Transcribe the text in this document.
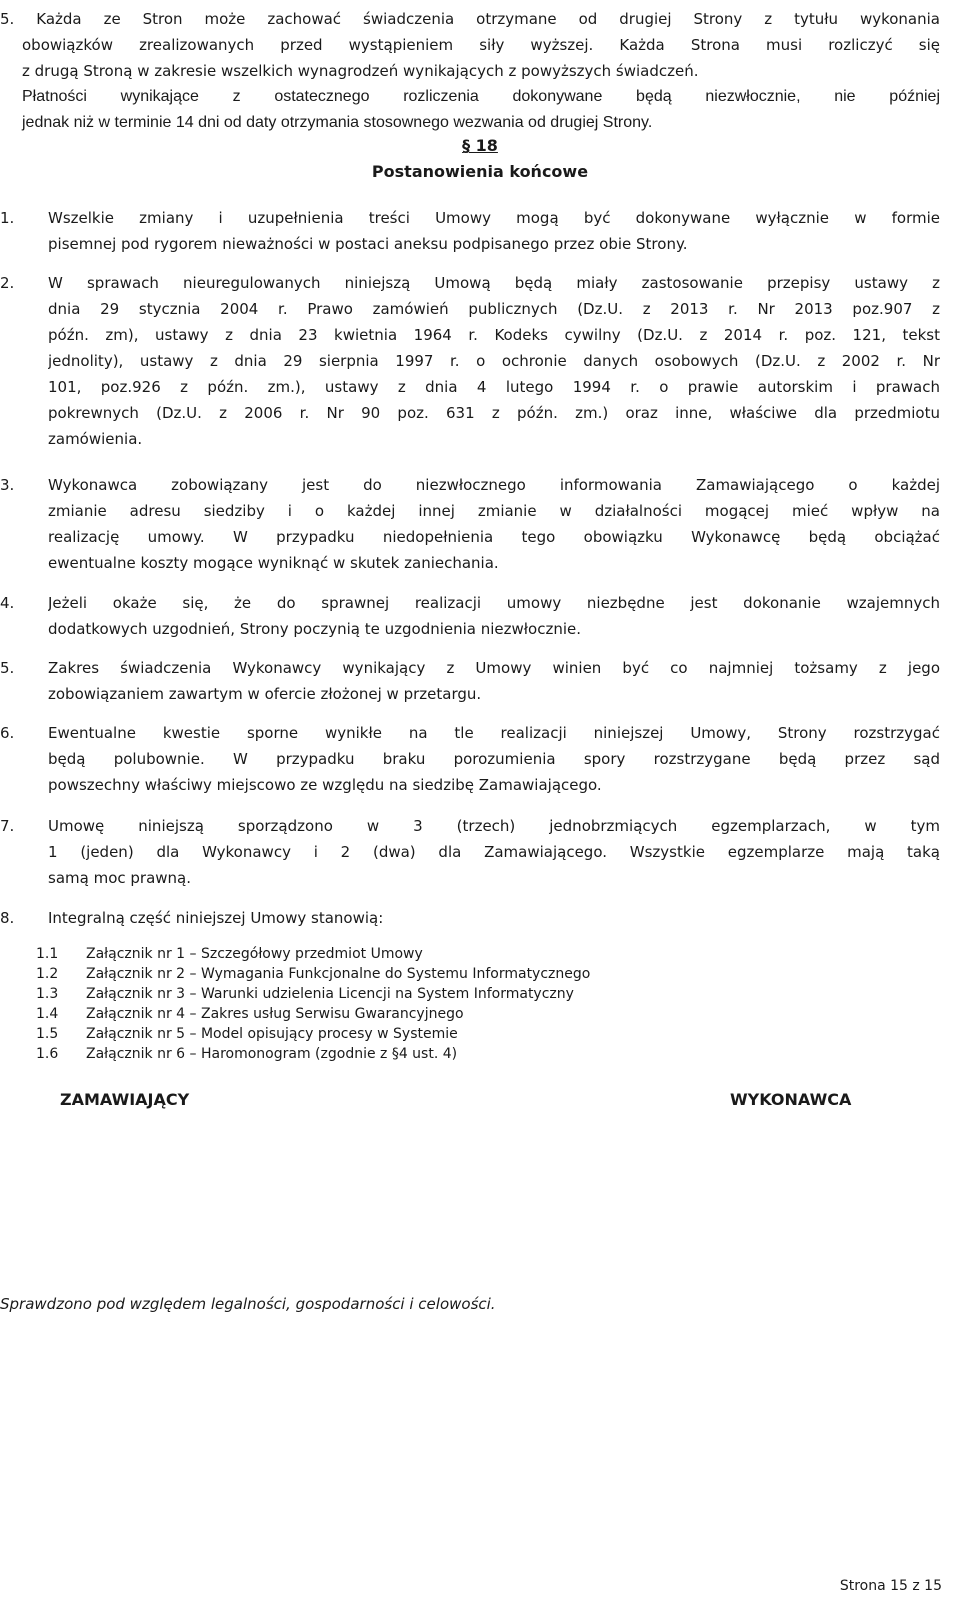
5. Każda ze Stron może zachować świadczenia otrzymane od drugiej Strony z tytułu wykonania

obowiązków zrealizowanych przed wystąpieniem siły wyższej. Każda Strona musi rozliczyć się

z drugą Stroną w zakresie wszelkich wynagrodzeń wynikających z powyższych świadczeń.

Płatności wynikające z ostatecznego rozliczenia dokonywane będą niezwłocznie, nie później

jednak niż w terminie 14 dni od daty otrzymania stosownego wezwania od drugiej Strony.

§ 18
Postanowienia końcowe
1.	Wszelkie zmiany i uzupełnienia treści Umowy mogą być dokonywane wyłącznie w formie

pisemnej pod rygorem nieważności w postaci aneksu podpisanego przez obie Strony.

2.	W sprawach nieuregulowanych niniejszą Umową będą miały zastosowanie przepisy ustawy z

dnia 29 stycznia 2004 r. Prawo zamówień publicznych (Dz.U. z 2013 r. Nr 2013 poz.907 z

późn. zm), ustawy z dnia 23 kwietnia 1964 r. Kodeks cywilny (Dz.U. z 2014 r. poz. 121, tekst

jednolity), ustawy z dnia 29 sierpnia 1997 r. o ochronie danych osobowych (Dz.U. z 2002 r. Nr

101, poz.926 z późn. zm.), ustawy z dnia 4 lutego 1994 r. o prawie autorskim i prawach

pokrewnych (Dz.U. z 2006 r. Nr 90 poz. 631 z późn. zm.) oraz inne, właściwe dla przedmiotu

zamówienia.

3.	Wykonawca zobowiązany jest do niezwłocznego informowania Zamawiającego o każdej

zmianie adresu siedziby i o każdej innej zmianie w działalności mogącej mieć wpływ na

realizację umowy. W przypadku niedopełnienia tego obowiązku Wykonawcę będą obciążać

ewentualne koszty mogące wyniknąć w skutek zaniechania.

4.	Jeżeli okaże się, że do sprawnej realizacji umowy niezbędne jest dokonanie wzajemnych

dodatkowych uzgodnień, Strony poczynią te uzgodnienia niezwłocznie.

5.	Zakres świadczenia Wykonawcy wynikający z Umowy winien być co najmniej tożsamy z jego

zobowiązaniem zawartym w ofercie złożonej w przetargu.

6.	Ewentualne kwestie sporne wynikłe na tle realizacji niniejszej Umowy, Strony rozstrzygać

będą polubownie. W przypadku braku porozumienia spory rozstrzygane będą przez sąd

powszechny właściwy miejscowo ze względu na siedzibę Zamawiającego.

7.	Umowę niniejszą sporządzono w 3 (trzech) jednobrzmiących egzemplarzach, w tym

1 (jeden) dla Wykonawcy i 2 (dwa) dla Zamawiającego. Wszystkie egzemplarze mają taką

samą moc prawną.

8.	Integralną część niniejszej Umowy stanowią:

1.1 Załącznik nr 1 – Szczegółowy przedmiot Umowy
1.2 Załącznik nr 2 – Wymagania Funkcjonalne do Systemu Informatycznego
1.3 Załącznik nr 3 – Warunki udzielenia Licencji na System Informatyczny
1.4 Załącznik nr 4 – Zakres usług Serwisu Gwarancyjnego
1.5 Załącznik nr 5 – Model opisujący procesy w Systemie
1.6 Załącznik nr 6 – Haromonogram (zgodnie z §4 ust. 4)
ZAMAWIAJĄCY	WYKONAWCA
Sprawdzono pod względem legalności, gospodarności i celowości.
Strona 15 z 15
